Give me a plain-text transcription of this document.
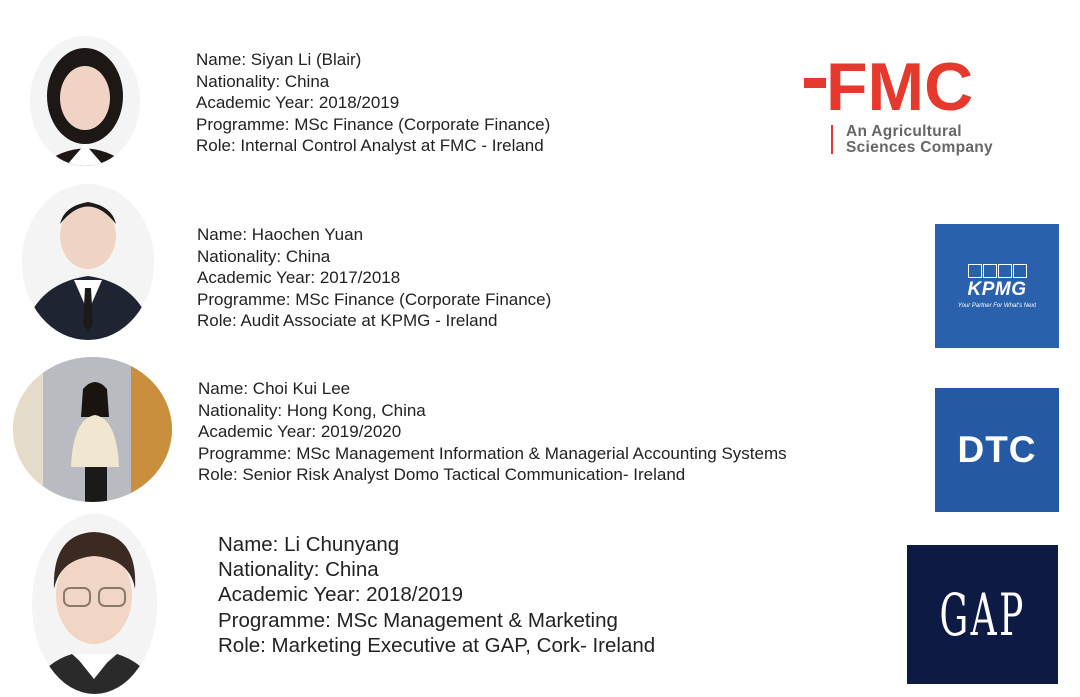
Name: Siyan Li (Blair)
Nationality: China
Academic Year: 2018/2019
Programme: MSc Finance (Corporate Finance)
Role: Internal Control Analyst at FMC - Ireland
FMC
An Agricultural
Sciences Company
Name: Haochen Yuan
Nationality: China
Academic Year: 2017/2018
Programme: MSc Finance (Corporate Finance)
Role: Audit Associate at KPMG - Ireland
KPMG
Your Partner For What's Next
Name: Choi Kui Lee
Nationality: Hong Kong, China
Academic Year: 2019/2020
Programme: MSc Management Information & Managerial Accounting Systems
Role: Senior Risk Analyst Domo Tactical Communication- Ireland
DTC
Name: Li Chunyang
Nationality: China
Academic Year: 2018/2019
Programme: MSc Management & Marketing
Role: Marketing Executive at GAP, Cork- Ireland	GAP
